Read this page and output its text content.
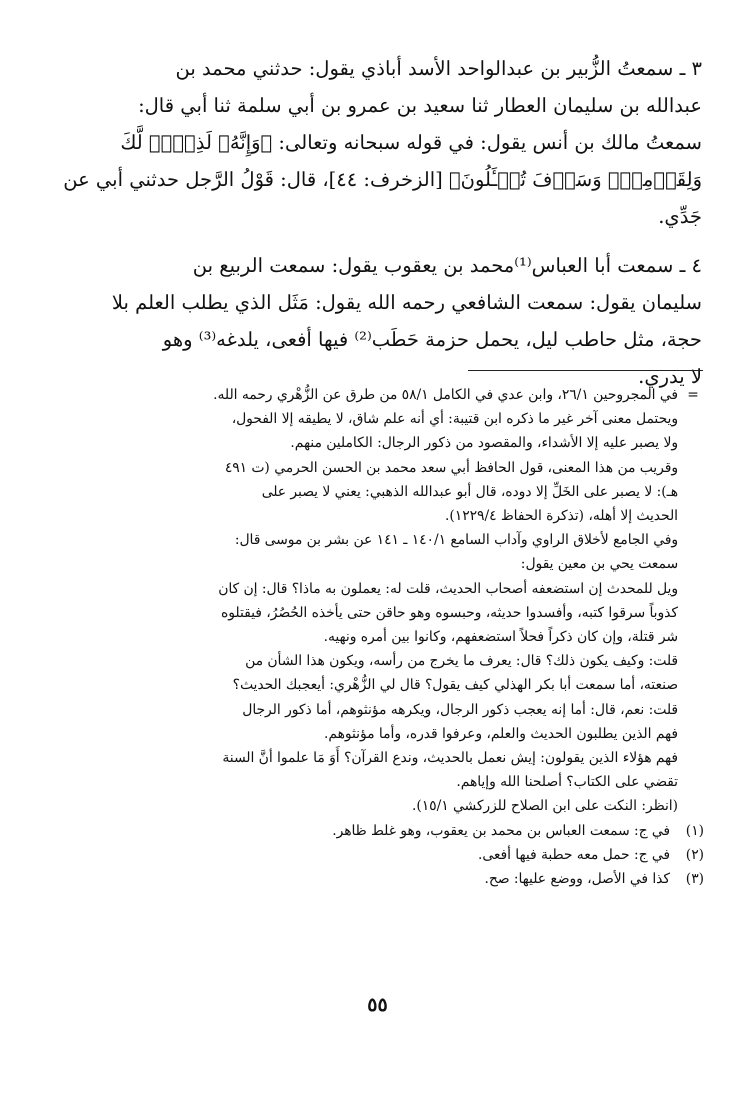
٣ ـ سمعتُ الزُّبير بن عبدالواحد الأسد أباذي يقول: حدثني محمد بن

عبدالله بن سليمان العطار ثنا سعيد بن عمرو بن أبي سلمة ثنا أبي قال:

سمعتُ مالك بن أنس يقول: في قوله سبحانه وتعالى: ﴿وَإِنَّهُۥ لَذِكۡرٞ لَّكَ

وَلِقَوۡمِكَۖ وَسَوۡفَ تُسۡـَٔلُونَ﴾ [الزخرف: ٤٤]، قال: قَوْلُ الرَّجل حدثني أبي عن

جَدِّي.

٤ ـ سمعت أبا العباس⁽¹⁾محمد بن يعقوب يقول: سمعت الربيع بن

سليمان يقول: سمعت الشافعي رحمه الله يقول: مَثَل الذي يطلب العلم بلا

حجة، مثل حاطب ليل، يحمل حزمة حَطَب⁽²⁾ فيها أفعى، يلدغه⁽³⁾ وهو

لا يدري.

=في المجروحين ٢٦/١، وابن عدي في الكامل ٥٨/١ من طرق عن الزُّهْري رحمه الله.

ويحتمل معنى آخر غير ما ذكره ابن قتيبة: أي أنه علم شاق، لا يطيقه إلا الفحول،

ولا يصبر عليه إلا الأشداء، والمقصود من ذكور الرجال: الكاملين منهم.

وقريب من هذا المعنى، قول الحافظ أبي سعد محمد بن الحسن الحرمي (ت ٤٩١

هـ): لا يصبر على الخَلِّ إلا دوده، قال أبو عبدالله الذهبي: يعني لا يصبر على

الحديث إلا أهله، (تذكرة الحفاظ ١٢٢٩/٤).

وفي الجامع لأخلاق الراوي وآداب السامع ١٤٠/١ ـ ١٤١ عن بشر بن موسى قال:

سمعت يحي بن معين يقول:

ويل للمحدث إن استضعفه أصحاب الحديث، قلت له: يعملون به ماذا؟ قال: إن كان

كذوباً سرقوا كتبه، وأفسدوا حديثه، وحبسوه وهو حاقن حتى يأخذه الحُصُرُ، فيقتلوه

شر قتلة، وإن كان ذكراً فحلاً استضعفهم، وكانوا بين أمره ونهيه.

قلت: وكيف يكون ذلك؟ قال: يعرف ما يخرج من رأسه، ويكون هذا الشأن من

صنعته، أما سمعت أبا بكر الهذلي كيف يقول؟ قال لي الزُّهْري: أيعجبك الحديث؟

قلت: نعم، قال: أما إنه يعجب ذكور الرجال، ويكرهه مؤنثوهم، أما ذكور الرجال

فهم الذين يطلبون الحديث والعلم، وعرفوا قدره، وأما مؤنثوهم.

فهم هؤلاء الذين يقولون: إيش نعمل بالحديث، وندع القرآن؟ أَوَ مَا علموا أنَّ السنة

تقضي على الكتاب؟ أصلحنا الله وإياهم.

(انظر: النكت على ابن الصلاح للزركشي ١٥/١).

(١)
في ج: سمعت العباس بن محمد بن يعقوب، وهو غلط ظاهر.
(٢)
في ج: حمل معه حطبة فيها أفعى.
(٣)
كذا في الأصل، ووضع عليها: صح.
٥٥
